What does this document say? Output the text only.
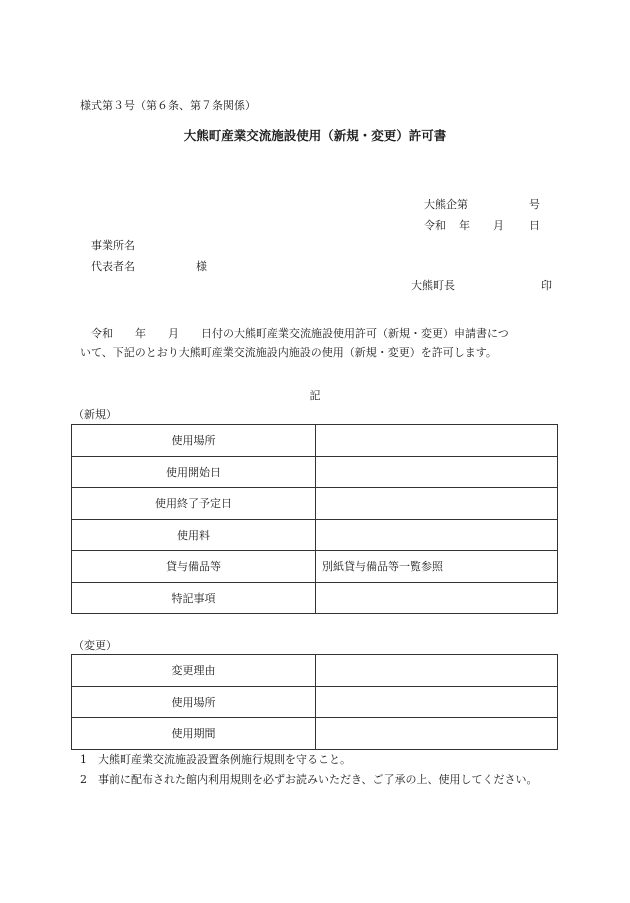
様式第３号（第６条、第７条関係）
大熊町産業交流施設使用（新規・変更）許可書
大熊企第	号
令和 年 月 日
事業所名
代表者名	様
大熊町長	印
令和　　年　　月　　日付の大熊町産業交流施設使用許可（新規・変更）申請書につ
いて、下記のとおり大熊町産業交流施設内施設の使用（新規・変更）を許可します。
記
（新規）
使用場所	
使用開始日	
使用終了予定日	
使用料	
貸与備品等	別紙貸与備品等一覧参照
特記事項	
（変更）
変更理由	
使用場所	
使用期間	
1　大熊町産業交流施設設置条例施行規則を守ること。
2　事前に配布された館内利用規則を必ずお読みいただき、ご了承の上、使用してください。
